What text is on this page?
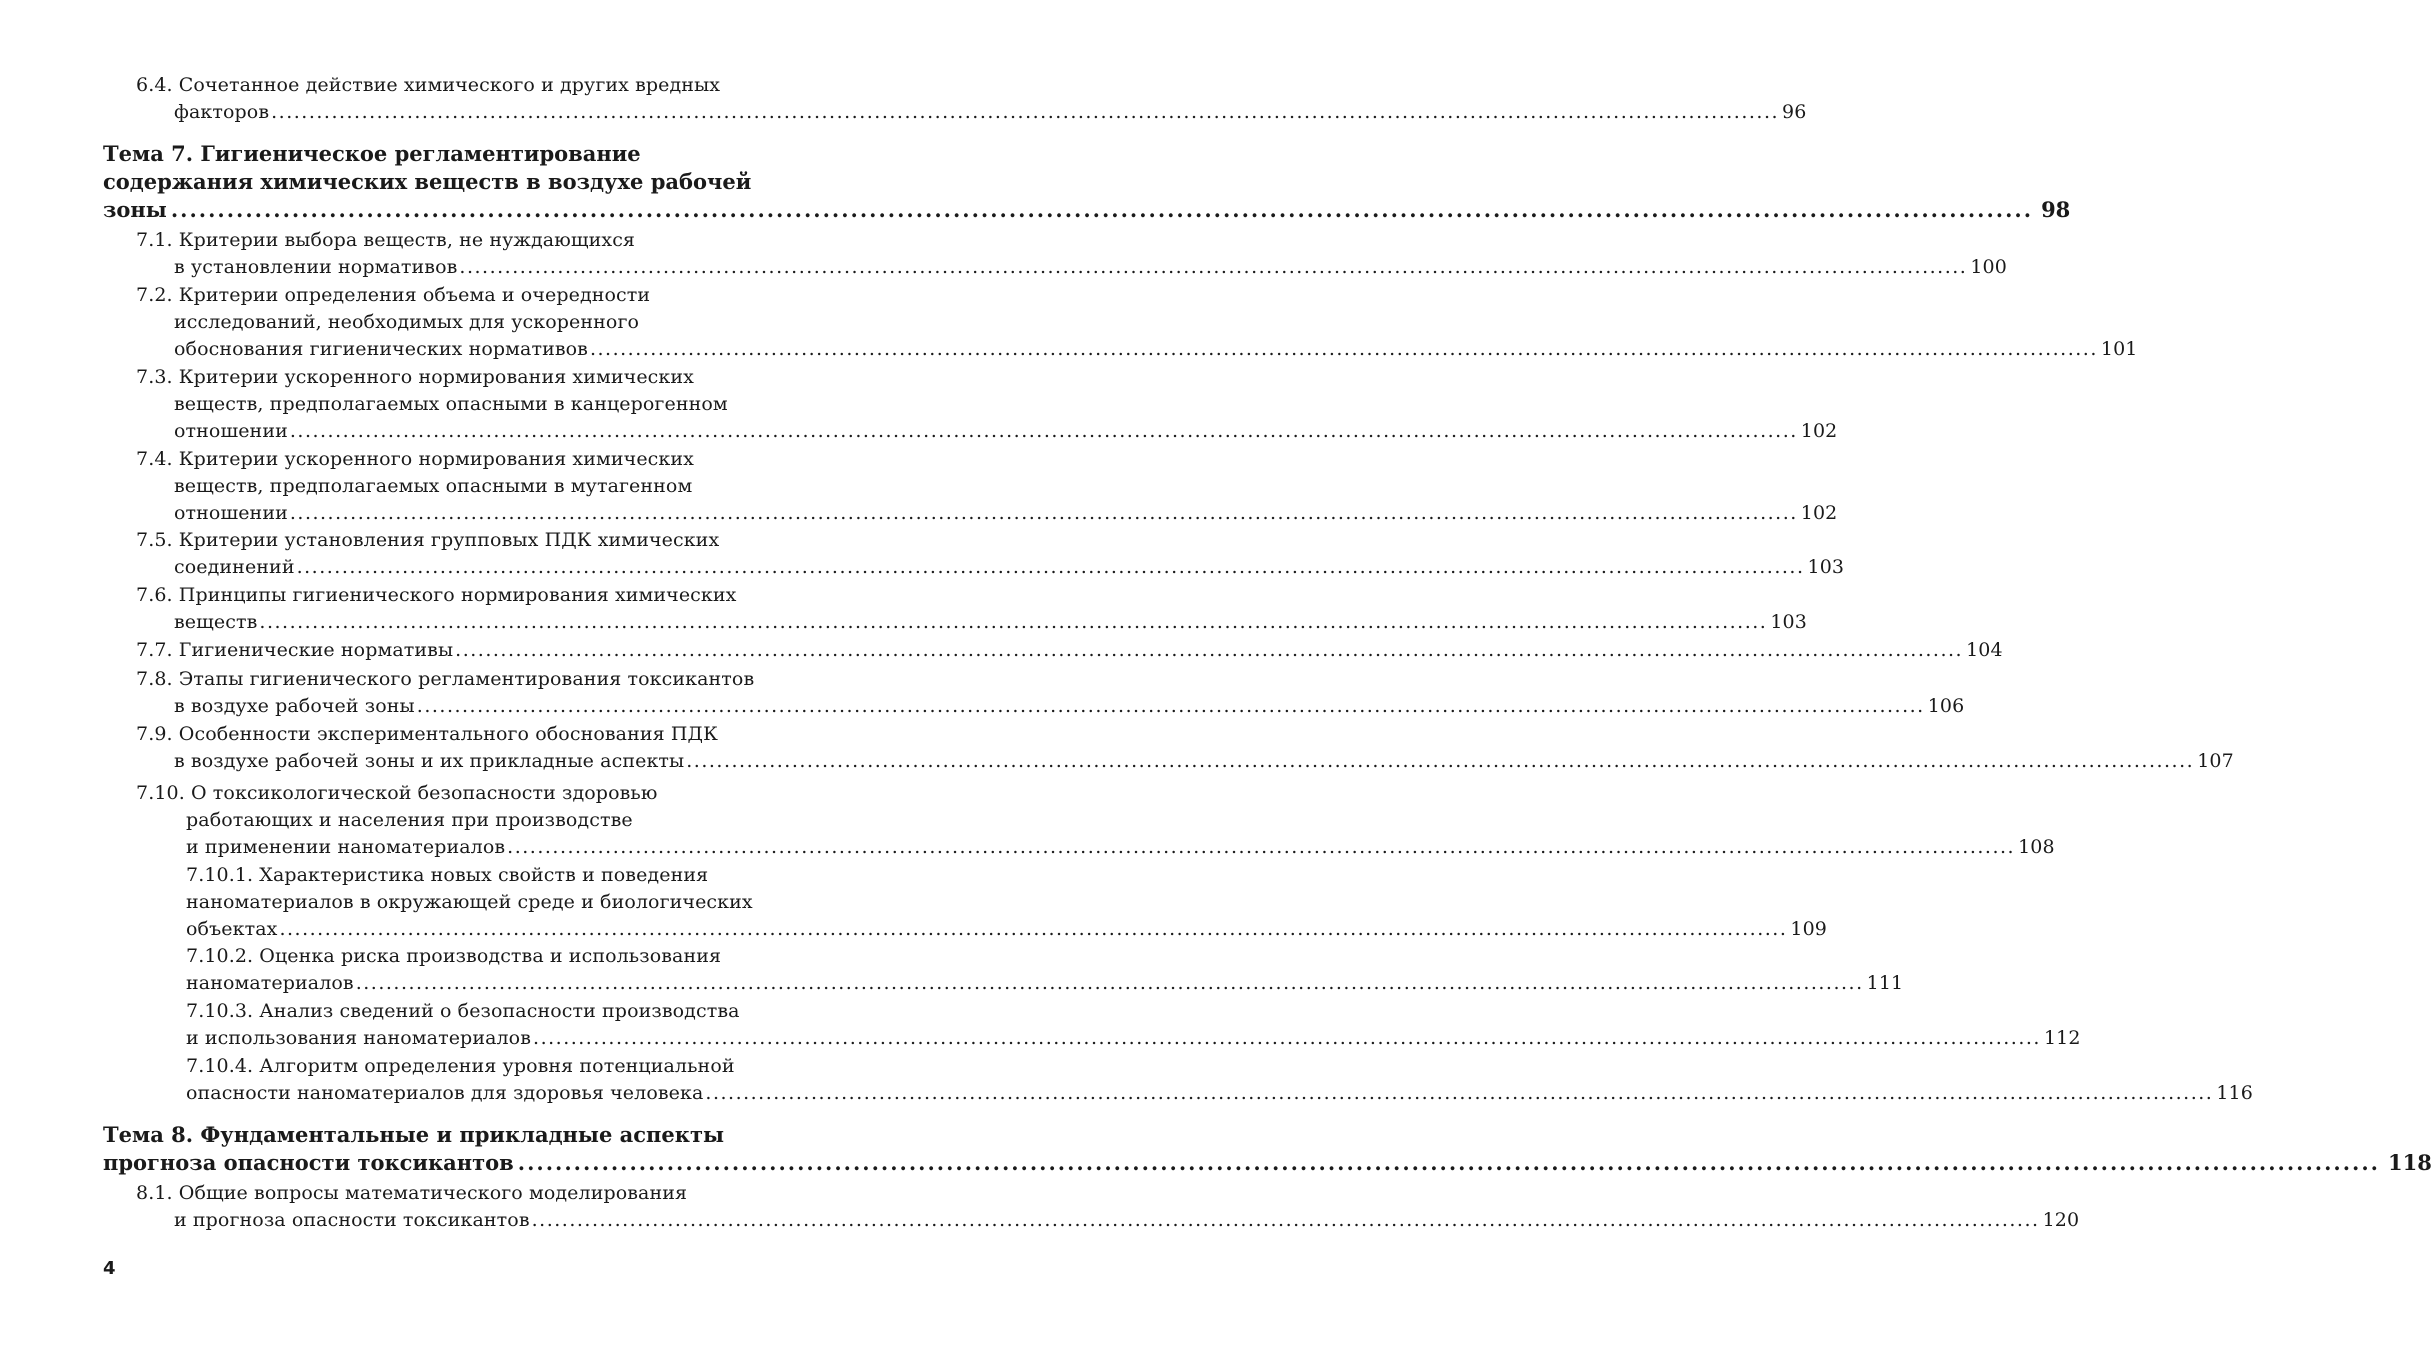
6.4. Сочетанное действие химического и других вредных
факторов ........................................................................................................................................................................................................ 96
Тема 7. Гигиеническое регламентирование
содержания химических веществ в воздухе рабочей
зоны ........................................................................................................................................................................................................ 98
7.1. Критерии выбора веществ, не нуждающихся
в установлении нормативов ........................................................................................................................................................................................................ 100
7.2. Критерии определения объема и очередности
исследований, необходимых для ускоренного
обоснования гигиенических нормативов ........................................................................................................................................................................................................ 101
7.3. Критерии ускоренного нормирования химических
веществ, предполагаемых опасными в канцерогенном
отношении ........................................................................................................................................................................................................ 102
7.4. Критерии ускоренного нормирования химических
веществ, предполагаемых опасными в мутагенном
отношении ........................................................................................................................................................................................................ 102
7.5. Критерии установления групповых ПДК химических
соединений ........................................................................................................................................................................................................ 103
7.6. Принципы гигиенического нормирования химических
веществ ........................................................................................................................................................................................................ 103
7.7. Гигиенические нормативы ........................................................................................................................................................................................................ 104
7.8. Этапы гигиенического регламентирования токсикантов
в воздухе рабочей зоны ........................................................................................................................................................................................................ 106
7.9. Особенности экспериментального обоснования ПДК
в воздухе рабочей зоны и их прикладные аспекты ........................................................................................................................................................................................................ 107
7.10. О токсикологической безопасности здоровью
работающих и населения при производстве
и применении наноматериалов ........................................................................................................................................................................................................ 108
7.10.1. Характеристика новых свойств и поведения
наноматериалов в окружающей среде и биологических
объектах ........................................................................................................................................................................................................ 109
7.10.2. Оценка риска производства и использования
наноматериалов ........................................................................................................................................................................................................ 111
7.10.3. Анализ сведений о безопасности производства
и использования наноматериалов ........................................................................................................................................................................................................ 112
7.10.4. Алгоритм определения уровня потенциальной
опасности наноматериалов для здоровья человека ........................................................................................................................................................................................................ 116
Тема 8. Фундаментальные и прикладные аспекты
прогноза опасности токсикантов ........................................................................................................................................................................................................ 118
8.1. Общие вопросы математического моделирования
и прогноза опасности токсикантов ........................................................................................................................................................................................................ 120
4
